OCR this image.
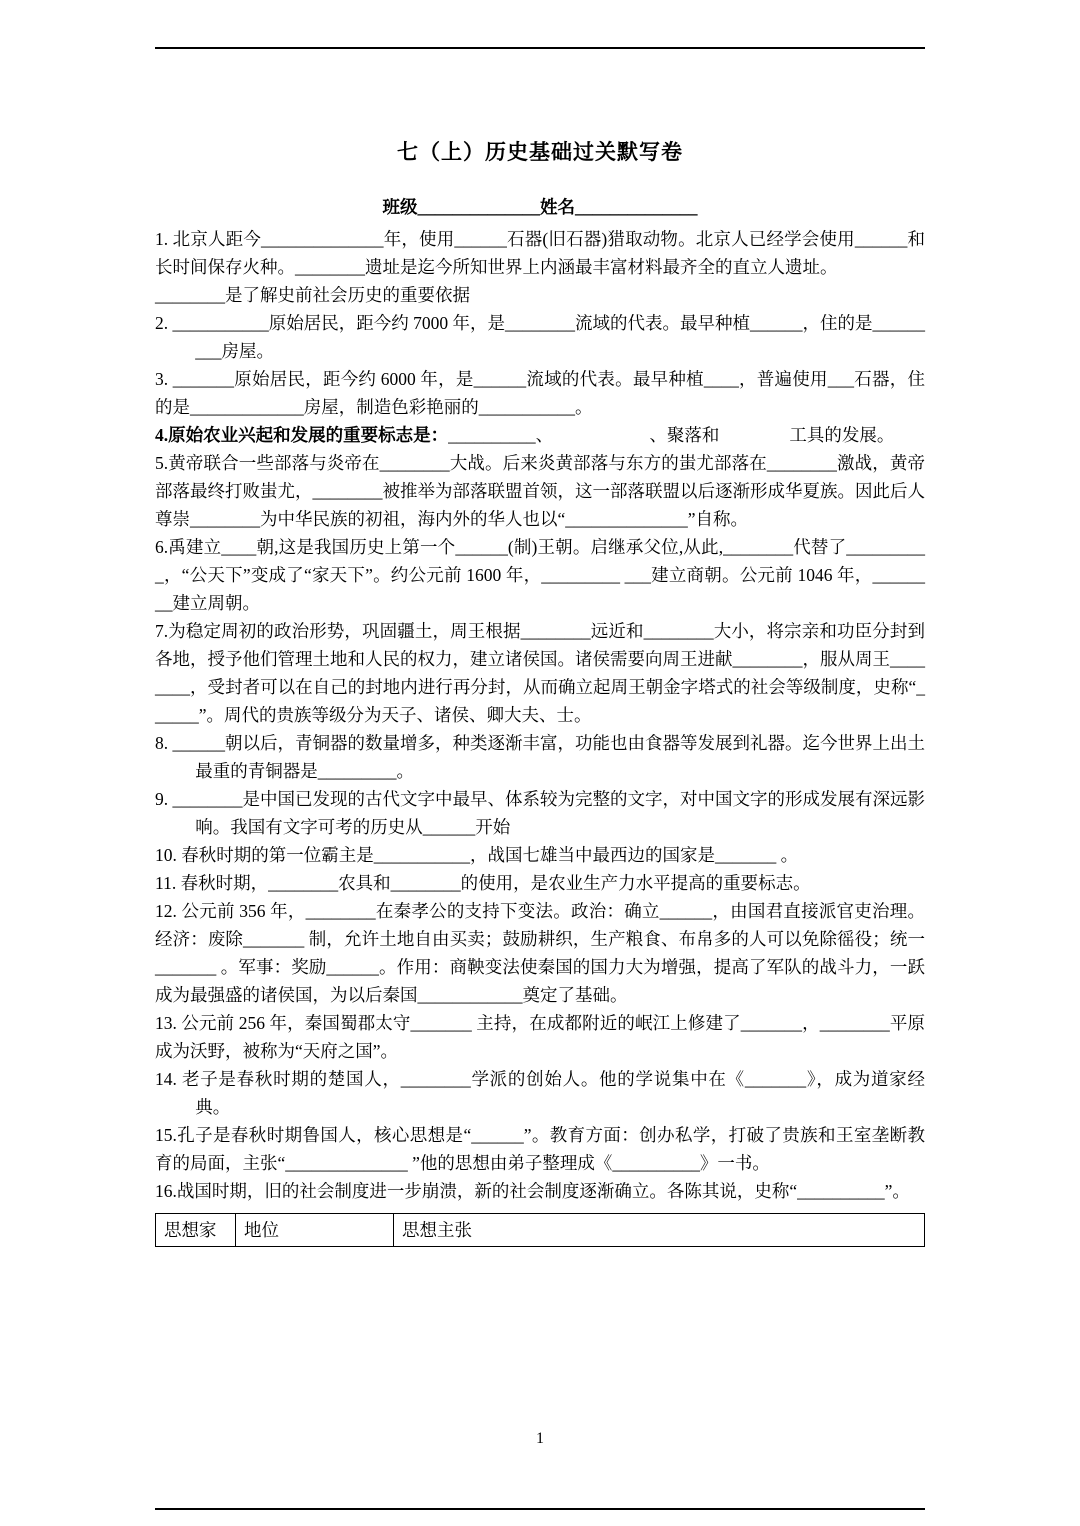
七（上）历史基础过关默写卷

班级______________姓名______________

1. 北京人距今______________年，使用______石器(旧石器)猎取动物。北京人已经学会使用______和长时间保存火种。________遗址是迄今所知世界上内涵最丰富材料最齐全的直立人遗址。

________是了解史前社会历史的重要依据

2. ___________原始居民，距今约 7000 年，是________流域的代表。最早种植______，住的是_________房屋。

3. _______原始居民，距今约 6000 年，是______流域的代表。最早种植____，普遍使用___石器，住的是_____________房屋，制造色彩艳丽的___________。

4.原始农业兴起和发展的重要标志是：__________、　　　　　　、聚落和　　　　工具的发展。

5.黄帝联合一些部落与炎帝在________大战。后来炎黄部落与东方的蚩尤部落在________激战，黄帝部落最终打败蚩尤，________被推举为部落联盟首领，这一部落联盟以后逐渐形成华夏族。因此后人尊崇________为中华民族的初祖，海内外的华人也以“______________”自称。

6.禹建立____朝,这是我国历史上第一个______(制)王朝。启继承父位,从此,________代替了__________，“公天下”变成了“家天下”。约公元前 1600 年，_________ ___建立商朝。公元前 1046 年，________建立周朝。

7.为稳定周初的政治形势，巩固疆土，周王根据________远近和________大小，将宗亲和功臣分封到各地，授予他们管理土地和人民的权力，建立诸侯国。诸侯需要向周王进献________，服从周王________，受封者可以在自己的封地内进行再分封，从而确立起周王朝金字塔式的社会等级制度，史称“______”。周代的贵族等级分为天子、诸侯、卿大夫、士。

8. ______朝以后，青铜器的数量增多，种类逐渐丰富，功能也由食器等发展到礼器。迄今世界上出土最重的青铜器是_________。

9. ________是中国已发现的古代文字中最早、体系较为完整的文字，对中国文字的形成发展有深远影响。我国有文字可考的历史从______开始

10. 春秋时期的第一位霸主是___________，战国七雄当中最西边的国家是_______ 。

11. 春秋时期，________农具和________的使用，是农业生产力水平提高的重要标志。

12. 公元前 356 年，________在秦孝公的支持下变法。政治：确立______，由国君直接派官吏治理。经济：废除_______ 制，允许土地自由买卖；鼓励耕织，生产粮食、布帛多的人可以免除徭役；统一_______ 。军事：奖励______。作用：商鞅变法使秦国的国力大为增强，提高了军队的战斗力，一跃成为最强盛的诸侯国，为以后秦国____________奠定了基础。

13. 公元前 256 年，秦国蜀郡太守_______ 主持，在成都附近的岷江上修建了_______，________平原成为沃野，被称为“天府之国”。

14. 老子是春秋时期的楚国人，________学派的创始人。他的学说集中在《_______》，成为道家经典。

15.孔子是春秋时期鲁国人，核心思想是“______”。教育方面：创办私学，打破了贵族和王室垄断教育的局面，主张“______________ ”他的思想由弟子整理成《__________》一书。

16.战国时期，旧的社会制度进一步崩溃，新的社会制度逐渐确立。各陈其说，史称“__________”。

思想家	地位	思想主张
1
